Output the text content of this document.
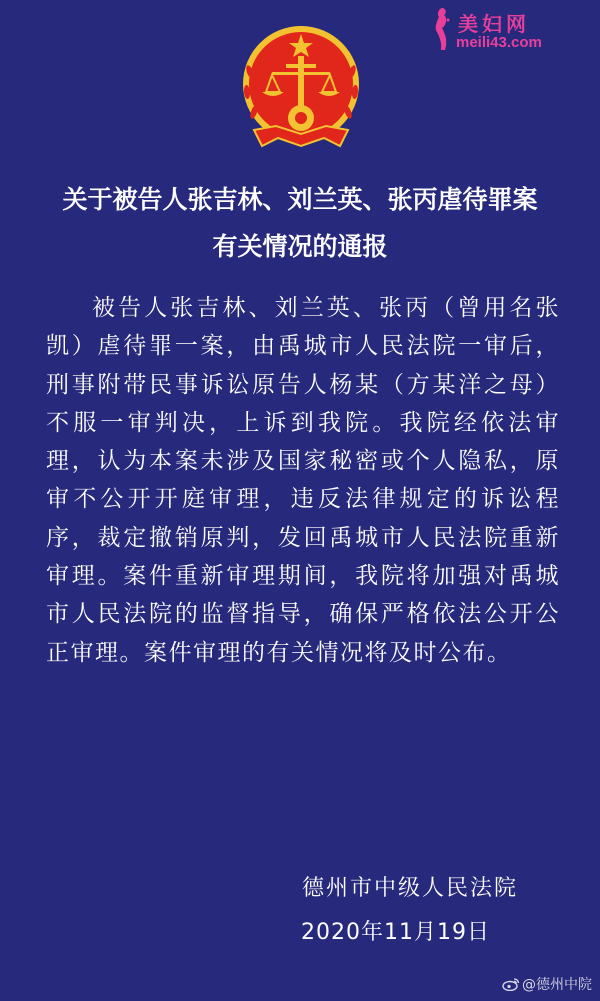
美妇网
meili43.com
关于被告人张吉林、刘兰英、张丙虐待罪案
有关情况的通报

被告人张吉林、刘兰英、张丙（曾用名张凯）虐待罪一案，由禹城市人民法院一审后，刑事附带民事诉讼原告人杨某（方某洋之母）不服一审判决，上诉到我院。我院经依法审理，认为本案未涉及国家秘密或个人隐私，原审不公开开庭审理，违反法律规定的诉讼程序，裁定撤销原判，发回禹城市人民法院重新审理。案件重新审理期间，我院将加强对禹城市人民法院的监督指导，确保严格依法公开公正审理。案件审理的有关情况将及时公布。

德州市中级人民法院
2020年11月19日
@德州中院
